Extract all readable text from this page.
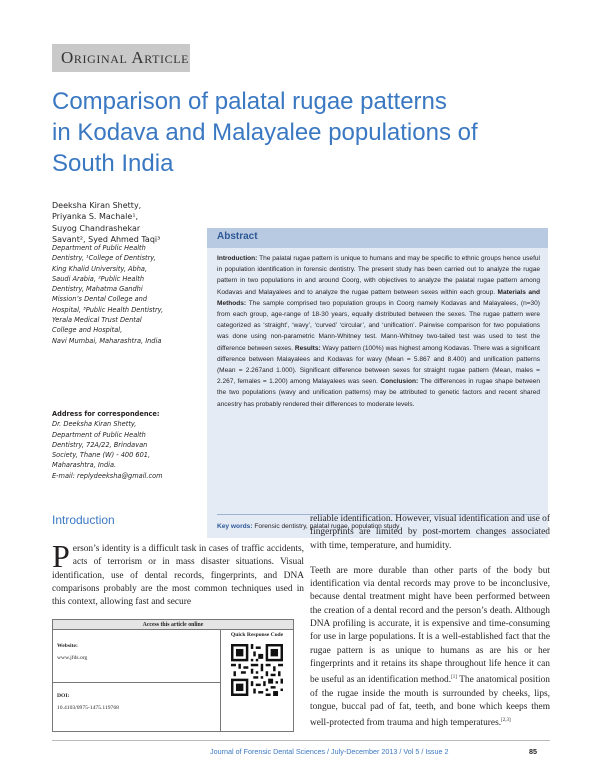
Original Article
Comparison of palatal rugae patterns
in Kodava and Malayalee populations of
South India
Deeksha Kiran Shetty,
Priyanka S. Machale¹,
Suyog Chandrashekar
Savant², Syed Ahmed Taqi³
Department of Public Health
Dentistry, ¹College of Dentistry,
King Khalid University, Abha,
Saudi Arabia, ²Public Health
Dentistry, Mahatma Gandhi
Mission’s Dental College and
Hospital, ³Public Health Dentistry,
Yerala Medical Trust Dental
College and Hospital,
Navi Mumbai, Maharashtra, India
Address for correspondence:
Dr. Deeksha Kiran Shetty,
Department of Public Health
Dentistry, 72A/22, Brindavan
Society, Thane (W) - 400 601,
Maharashtra, India.
E-mail: replydeeksha@gmail.com
Abstract
Introduction: The palatal rugae pattern is unique to humans and may be specific to ethnic groups hence useful in population identification in forensic dentistry. The present study has been carried out to analyze the rugae pattern in two populations in and around Coorg, with objectives to analyze the palatal rugae pattern among Kodavas and Malayalees and to analyze the rugae pattern between sexes within each group. Materials and Methods: The sample comprised two population groups in Coorg namely Kodavas and Malayalees, (n=30) from each group, age-range of 18-30 years, equally distributed between the sexes. The rugae pattern were categorized as ‘straight’, ‘wavy’, ‘curved’ ‘circular’, and ‘unification’. Pairwise comparison for two populations was done using non-parametric Mann-Whitney test. Mann-Whitney two-tailed test was used to test the difference between sexes. Results: Wavy pattern (100%) was highest among Kodavas. There was a significant difference between Malayalees and Kodavas for wavy (Mean = 5.867 and 8.400) and unification patterns (Mean = 2.267and 1.000). Significant difference between sexes for straight rugae pattern (Mean, males = 2.267, females = 1.200) among Malayalees was seen. Conclusion: The differences in rugae shape between the two populations (wavy and unification patterns) may be attributed to genetic factors and recent shared ancestry has probably rendered their differences to moderate levels.
Key words: Forensic dentistry, palatal rugae, population study
Introduction
Person’s identity is a difficult task in cases of traffic accidents, acts of terrorism or in mass disaster situations. Visual identification, use of dental records, fingerprints, and DNA comparisons probably are the most common techniques used in this context, allowing fast and secure
Access this article online
Website:
www.jfds.org
DOI:
10.4103/0975-1475.119768
Quick Response Code

reliable identification. However, visual identification and use of fingerprints are limited by post-mortem changes associated with time, temperature, and humidity.

Teeth are more durable than other parts of the body but identification via dental records may prove to be inconclusive, because dental treatment might have been performed between the creation of a dental record and the person’s death. Although DNA profiling is accurate, it is expensive and time-consuming for use in large populations. It is a well-established fact that the rugae pattern is as unique to humans as are his or her fingerprints and it retains its shape throughout life hence it can be useful as an identification method.[1] The anatomical position of the rugae inside the mouth is surrounded by cheeks, lips, tongue, buccal pad of fat, teeth, and bone which keeps them well-protected from trauma and high temperatures.[2,3]

Journal of Forensic Dental Sciences / July-December 2013 / Vol 5 / Issue 2	85
